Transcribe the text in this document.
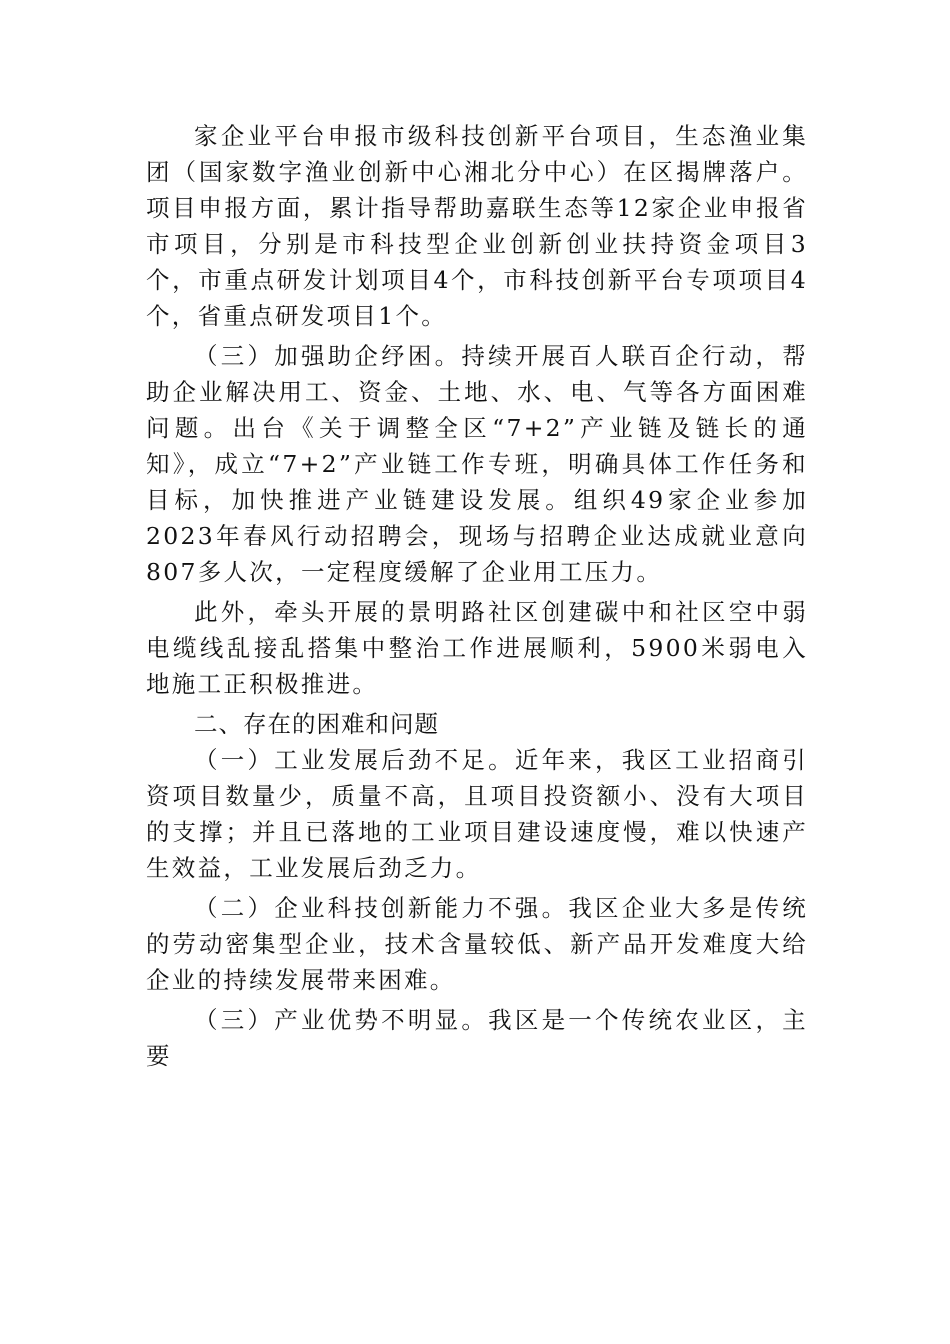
家企业平台申报市级科技创新平台项目，生态渔业集团（国家数字渔业创新中心湘北分中心）在区揭牌落户。项目申报方面，累计指导帮助嘉联生态等12家企业申报省市项目，分别是市科技型企业创新创业扶持资金项目3个，市重点研发计划项目4个，市科技创新平台专项项目4个，省重点研发项目1个。

（三）加强助企纾困。持续开展百人联百企行动，帮助企业解决用工、资金、土地、水、电、气等各方面困难问题。出台《关于调整全区“7+2”产业链及链长的通知》，成立“7+2”产业链工作专班，明确具体工作任务和目标，加快推进产业链建设发展。组织49家企业参加2023年春风行动招聘会，现场与招聘企业达成就业意向807多人次，一定程度缓解了企业用工压力。

此外，牵头开展的景明路社区创建碳中和社区空中弱电缆线乱接乱搭集中整治工作进展顺利，5900米弱电入地施工正积极推进。

二、存在的困难和问题

（一）工业发展后劲不足。近年来，我区工业招商引资项目数量少，质量不高，且项目投资额小、没有大项目的支撑；并且已落地的工业项目建设速度慢，难以快速产生效益，工业发展后劲乏力。

（二）企业科技创新能力不强。我区企业大多是传统的劳动密集型企业，技术含量较低、新产品开发难度大给企业的持续发展带来困难。

（三）产业优势不明显。我区是一个传统农业区，主要
